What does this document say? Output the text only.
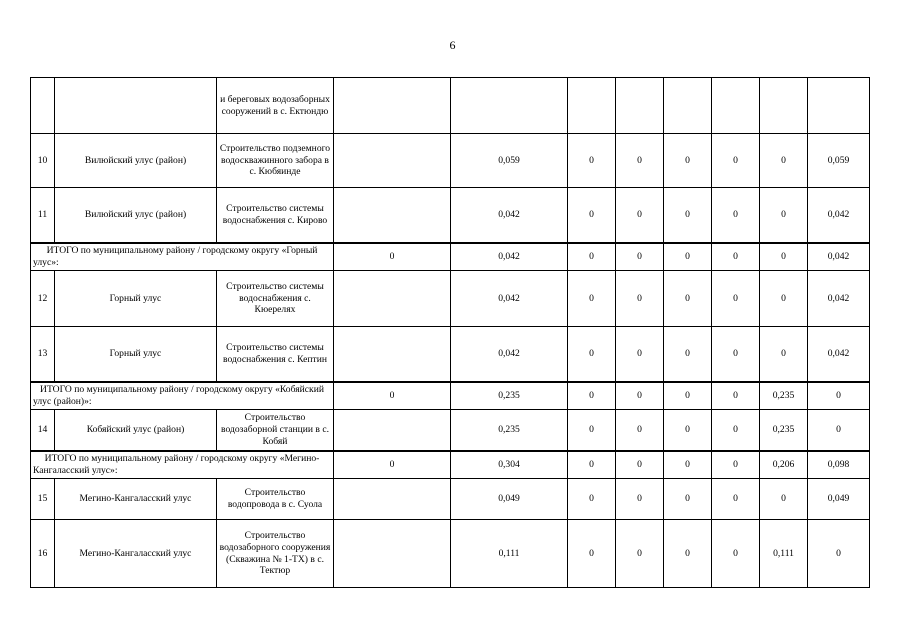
6
		и береговых водозаборных сооружений в с. Ектюндю								
10	Вилюйский улус (район)	Строительство подземного водоскважинного забора в с. Кюбяинде		0,059	0	0	0	0	0	0,059
11	Вилюйский улус (район)	Строительство системы водоснабжения с. Кирово		0,042	0	0	0	0	0	0,042
ИТОГО по муниципальному району / городскому округу «Горный улус»:			0	0,042	0	0	0	0	0	0,042
12	Горный улус	Строительство системы водоснабжения с. Кюереляx		0,042	0	0	0	0	0	0,042
13	Горный улус	Строительство системы водоснабжения с. Кептин		0,042	0	0	0	0	0	0,042
ИТОГО по муниципальному району / городскому округу «Кобяйский улус (район)»:			0	0,235	0	0	0	0	0,235	0
14	Кобяйский улус (район)	Строительство водозаборной станции в с. Кобяй		0,235	0	0	0	0	0,235	0
ИТОГО по муниципальному району / городскому округу «Мегино-Кангаласский улус»:			0	0,304	0	0	0	0	0,206	0,098
15	Мегино-Кангаласский улус	Строительство водопровода в с. Суола		0,049	0	0	0	0	0	0,049
16	Мегино-Кангаласский улус	Строительство водозаборного сооружения (Скважина № 1-ТХ) в с. Тектюр		0,111	0	0	0	0	0,111	0
